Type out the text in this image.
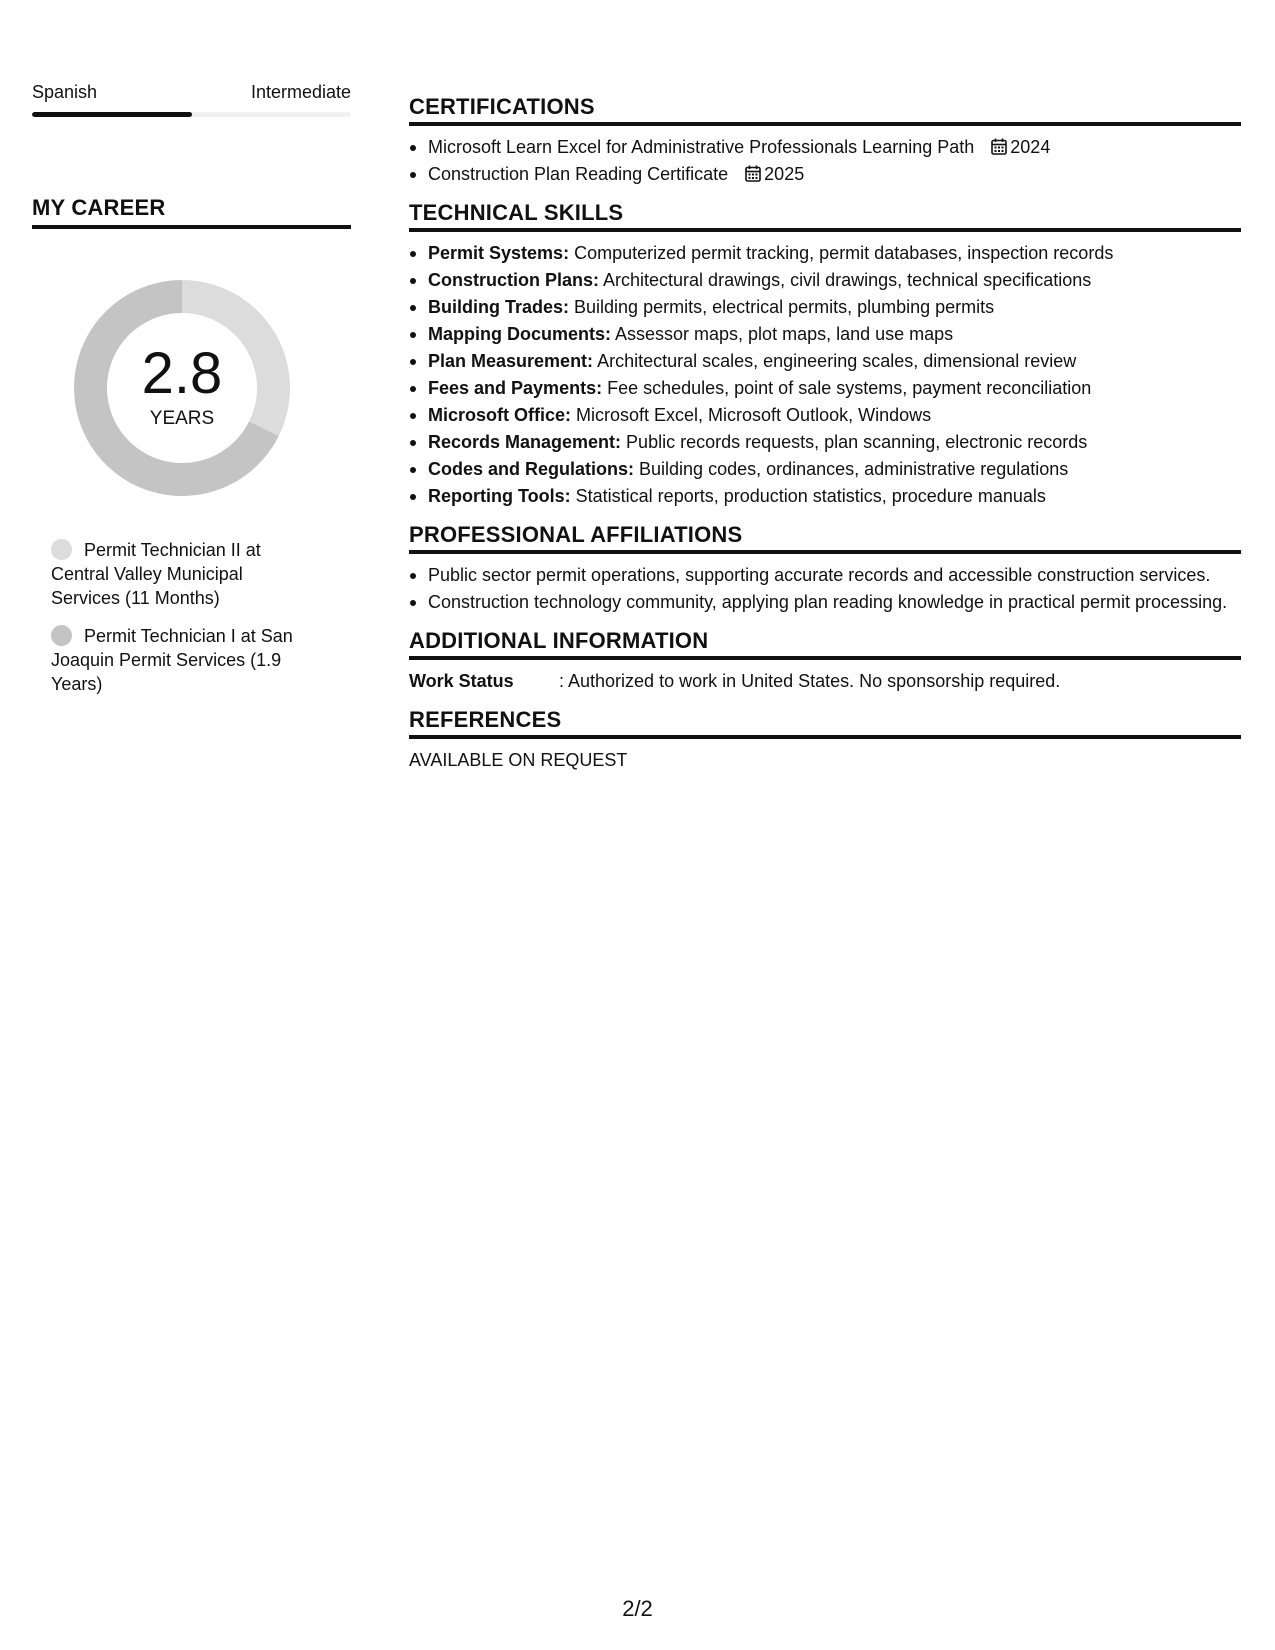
Spanish	Intermediate
MY CAREER
2.8
YEARS
Permit Technician II at Central Valley Municipal Services (11 Months)
Permit Technician I at San Joaquin Permit Services (1.9 Years)
CERTIFICATIONS
Microsoft Learn Excel for Administrative Professionals Learning Path 2024
Construction Plan Reading Certificate 2025
TECHNICAL SKILLS
Permit Systems: Computerized permit tracking, permit databases, inspection records
Construction Plans: Architectural drawings, civil drawings, technical specifications
Building Trades: Building permits, electrical permits, plumbing permits
Mapping Documents: Assessor maps, plot maps, land use maps
Plan Measurement: Architectural scales, engineering scales, dimensional review
Fees and Payments: Fee schedules, point of sale systems, payment reconciliation
Microsoft Office: Microsoft Excel, Microsoft Outlook, Windows
Records Management: Public records requests, plan scanning, electronic records
Codes and Regulations: Building codes, ordinances, administrative regulations
Reporting Tools: Statistical reports, production statistics, procedure manuals
PROFESSIONAL AFFILIATIONS
Public sector permit operations, supporting accurate records and accessible construction services.
Construction technology community, applying plan reading knowledge in practical permit processing.
ADDITIONAL INFORMATION
Work Status	: Authorized to work in United States. No sponsorship required.
REFERENCES
AVAILABLE ON REQUEST
2/2
